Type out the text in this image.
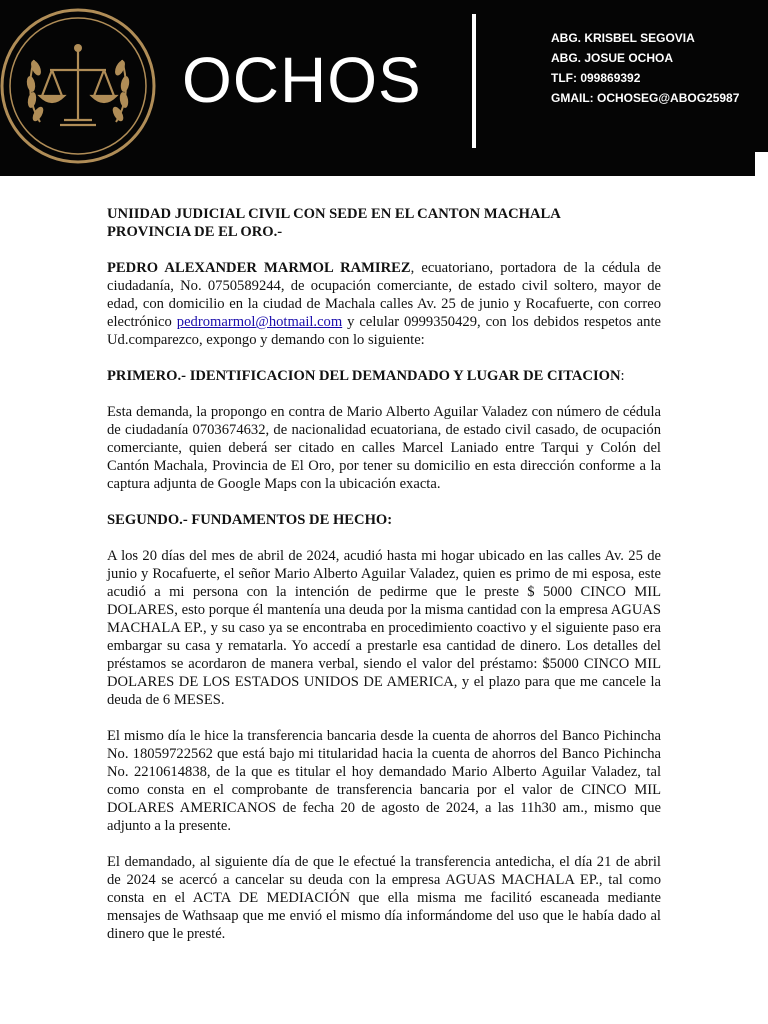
OCHOS
ABG. KRISBEL SEGOVIA
ABG. JOSUE OCHOA
TLF: 099869392
GMAIL: OCHOSEG@ABOG25987

UNIIDAD JUDICIAL CIVIL CON SEDE EN EL CANTON MACHALA
PROVINCIA DE EL ORO.-

PEDRO ALEXANDER MARMOL RAMIREZ, ecuatoriano, portadora de la cédula de ciudadanía, No. 0750589244, de ocupación comerciante, de estado civil soltero, mayor de edad, con domicilio en la ciudad de Machala calles Av. 25 de junio y Rocafuerte, con correo electrónico pedromarmol@hotmail.com y celular 0999350429, con los debidos respetos ante Ud.comparezco, expongo y demando con lo siguiente:

PRIMERO.- IDENTIFICACION DEL DEMANDADO Y LUGAR DE CITACION:

Esta demanda, la propongo en contra de Mario Alberto Aguilar Valadez con número de cédula de ciudadanía 0703674632, de nacionalidad ecuatoriana, de estado civil casado, de ocupación comerciante, quien deberá ser citado en calles Marcel Laniado entre Tarqui y Colón del Cantón Machala, Provincia de El Oro, por tener su domicilio en esta dirección conforme a la captura adjunta de Google Maps con la ubicación exacta.

SEGUNDO.- FUNDAMENTOS DE HECHO:

A los 20 días del mes de abril de 2024, acudió hasta mi hogar ubicado en las calles Av. 25 de junio y Rocafuerte, el señor Mario Alberto Aguilar Valadez, quien es primo de mi esposa, este acudió a mi persona con la intención de pedirme que le preste $ 5000 CINCO MIL DOLARES, esto porque él mantenía una deuda por la misma cantidad con la empresa AGUAS MACHALA EP., y su caso ya se encontraba en procedimiento coactivo y el siguiente paso era embargar su casa y rematarla. Yo accedí a prestarle esa cantidad de dinero. Los detalles del préstamos se acordaron de manera verbal, siendo el valor del préstamo: $5000 CINCO MIL DOLARES DE LOS ESTADOS UNIDOS DE AMERICA, y el plazo para que me cancele la deuda de 6 MESES.

El mismo día le hice la transferencia bancaria desde la cuenta de ahorros del Banco Pichincha No. 18059722562 que está bajo mi titularidad hacia la cuenta de ahorros del Banco Pichincha No. 2210614838, de la que es titular el hoy demandado Mario Alberto Aguilar Valadez, tal como consta en el comprobante de transferencia bancaria por el valor de CINCO MIL DOLARES AMERICANOS de fecha 20 de agosto de 2024, a las 11h30 am., mismo que adjunto a la presente.

El demandado, al siguiente día de que le efectué la transferencia antedicha, el día 21 de abril de 2024 se acercó a cancelar su deuda con la empresa AGUAS MACHALA EP., tal como consta en el ACTA DE MEDIACIÓN que ella misma me facilitó escaneada mediante mensajes de Wathsaap que me envió el mismo día informándome del uso que le había dado al dinero que le presté.
